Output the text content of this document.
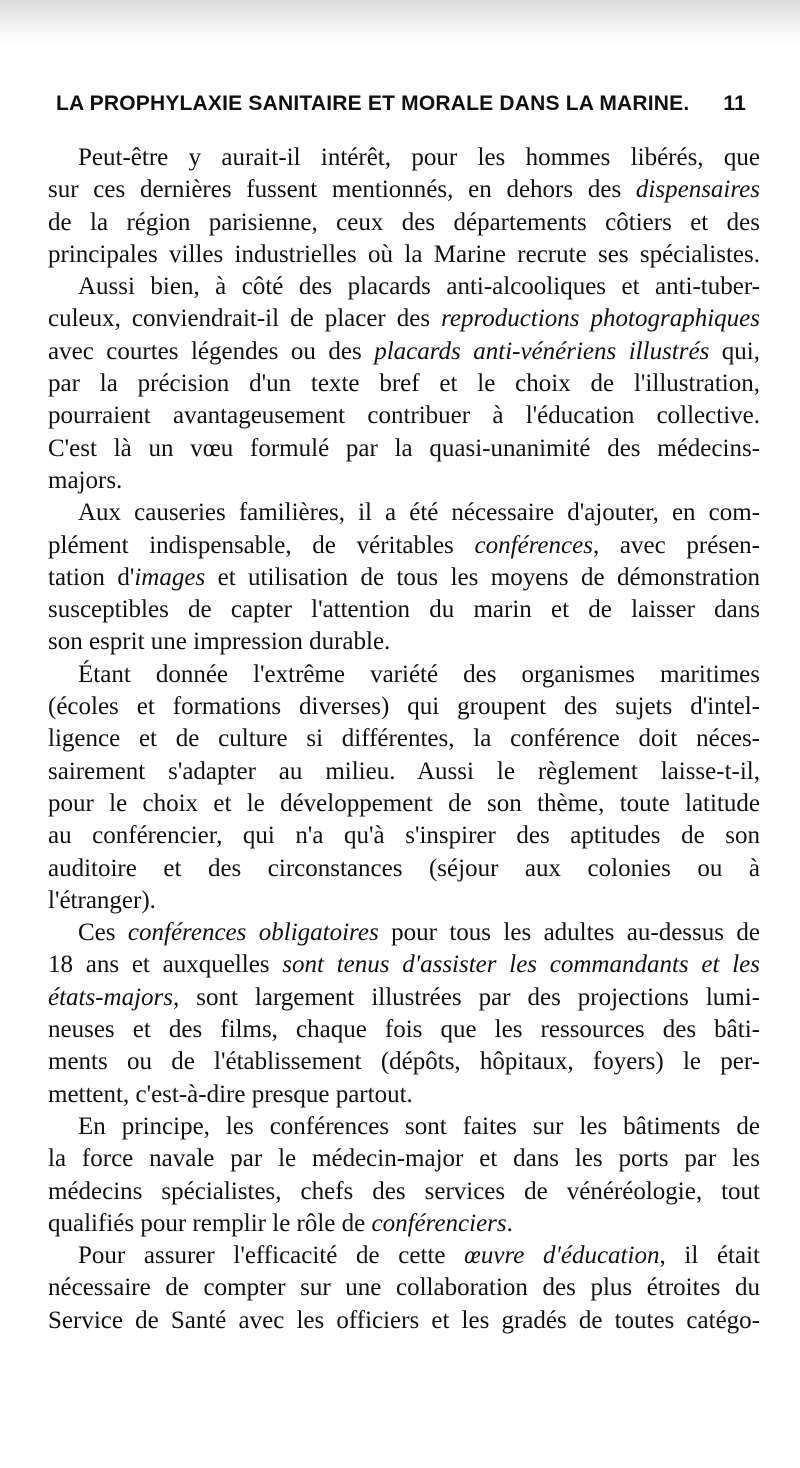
LA PROPHYLAXIE SANITAIRE ET MORALE DANS LA MARINE. 11
Peut-être y aurait-il intérêt, pour les hommes libérés, que
sur ces dernières fussent mentionnés, en dehors des dispensaires
de la région parisienne, ceux des départements côtiers et des
principales villes industrielles où la Marine recrute ses spécialistes.
Aussi bien, à côté des placards anti-alcooliques et anti-tuber-
culeux, conviendrait-il de placer des reproductions photographiques
avec courtes légendes ou des placards anti-vénériens illustrés qui,
par la précision d'un texte bref et le choix de l'illustration,
pourraient avantageusement contribuer à l'éducation collective.
C'est là un vœu formulé par la quasi-unanimité des médecins-
majors.
Aux causeries familières, il a été nécessaire d'ajouter, en com-
plément indispensable, de véritables conférences, avec présen-
tation d'images et utilisation de tous les moyens de démonstration
susceptibles de capter l'attention du marin et de laisser dans
son esprit une impression durable.
Étant donnée l'extrême variété des organismes maritimes
(écoles et formations diverses) qui groupent des sujets d'intel-
ligence et de culture si différentes, la conférence doit néces-
sairement s'adapter au milieu. Aussi le règlement laisse-t-il,
pour le choix et le développement de son thème, toute latitude
au conférencier, qui n'a qu'à s'inspirer des aptitudes de son
auditoire et des circonstances (séjour aux colonies ou à
l'étranger).
Ces conférences obligatoires pour tous les adultes au-dessus de
18 ans et auxquelles sont tenus d'assister les commandants et les
états-majors, sont largement illustrées par des projections lumi-
neuses et des films, chaque fois que les ressources des bâti-
ments ou de l'établissement (dépôts, hôpitaux, foyers) le per-
mettent, c'est-à-dire presque partout.
En principe, les conférences sont faites sur les bâtiments de
la force navale par le médecin-major et dans les ports par les
médecins spécialistes, chefs des services de vénéréologie, tout
qualifiés pour remplir le rôle de conférenciers.
Pour assurer l'efficacité de cette œuvre d'éducation, il était
nécessaire de compter sur une collaboration des plus étroites du
Service de Santé avec les officiers et les gradés de toutes catégo-
